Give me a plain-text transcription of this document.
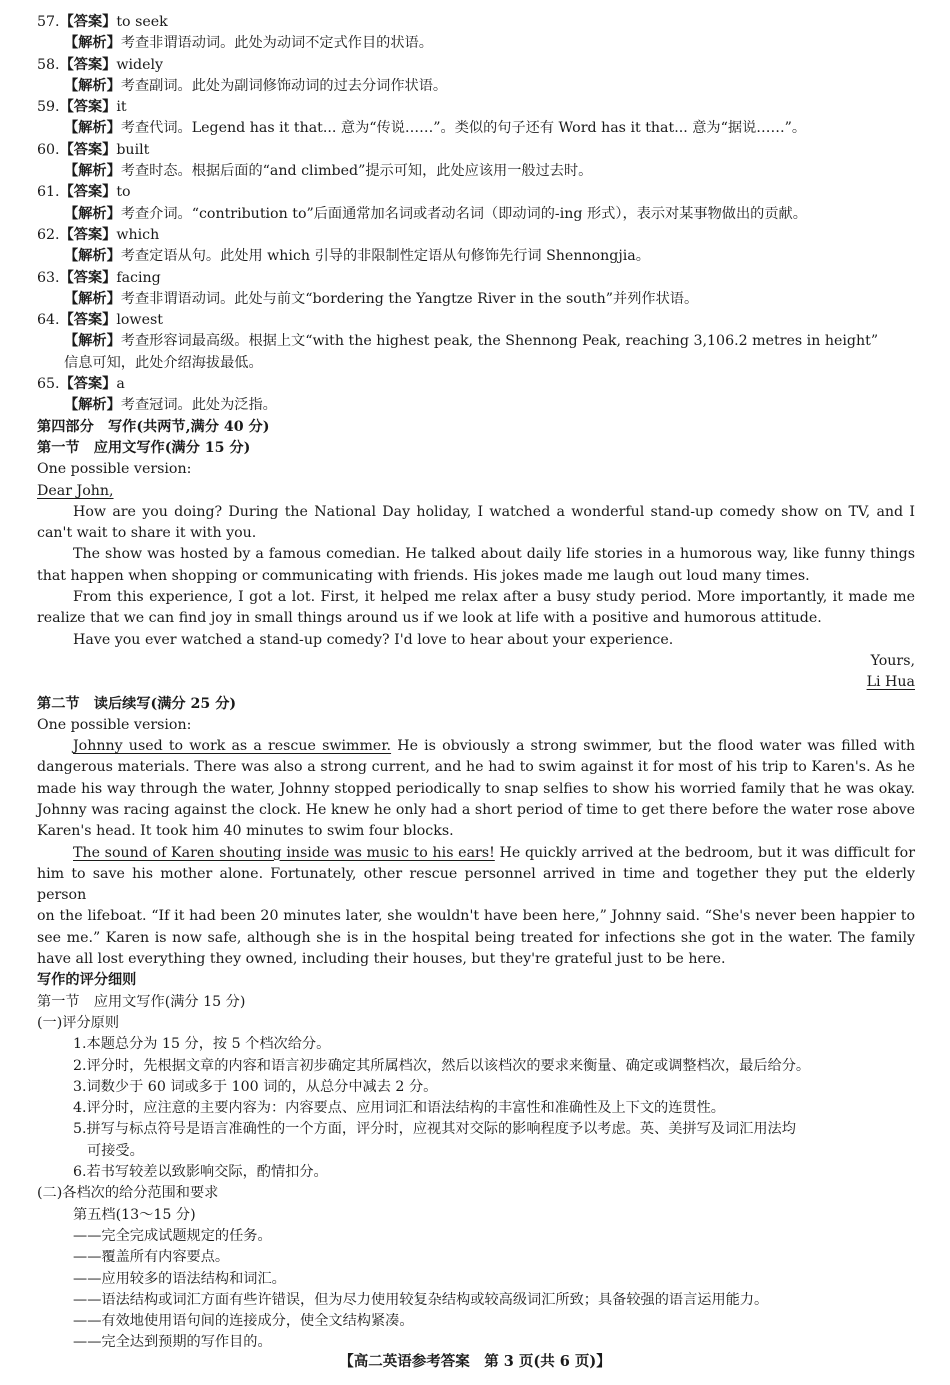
57.【答案】to seek
【解析】考查非谓语动词。此处为动词不定式作目的状语。
58.【答案】widely
【解析】考查副词。此处为副词修饰动词的过去分词作状语。
59.【答案】it
【解析】考查代词。Legend has it that... 意为“传说……”。类似的句子还有 Word has it that... 意为“据说……”。
60.【答案】built
【解析】考查时态。根据后面的“and climbed”提示可知，此处应该用一般过去时。
61.【答案】to
【解析】考查介词。“contribution to”后面通常加名词或者动名词（即动词的-ing 形式），表示对某事物做出的贡献。
62.【答案】which
【解析】考查定语从句。此处用 which 引导的非限制性定语从句修饰先行词 Shennongjia。
63.【答案】facing
【解析】考查非谓语动词。此处与前文“bordering the Yangtze River in the south”并列作状语。
64.【答案】lowest
【解析】考查形容词最高级。根据上文“with the highest peak, the Shennong Peak, reaching 3,106.2 metres in height”
信息可知，此处介绍海拔最低。
65.【答案】a
【解析】考查冠词。此处为泛指。
第四部分　写作(共两节,满分 40 分)
第一节　应用文写作(满分 15 分)
One possible version:
Dear John,
How are you doing? During the National Day holiday, I watched a wonderful stand-up comedy show on TV, and I
can't wait to share it with you.
The show was hosted by a famous comedian. He talked about daily life stories in a humorous way, like funny things
that happen when shopping or communicating with friends. His jokes made me laugh out loud many times.
From this experience, I got a lot. First, it helped me relax after a busy study period. More importantly, it made me
realize that we can find joy in small things around us if we look at life with a positive and humorous attitude.
Have you ever watched a stand-up comedy? I'd love to hear about your experience.
Yours,
Li Hua
第二节　读后续写(满分 25 分)
One possible version:
Johnny used to work as a rescue swimmer. He is obviously a strong swimmer, but the flood water was filled with
dangerous materials. There was also a strong current, and he had to swim against it for most of his trip to Karen's. As he
made his way through the water, Johnny stopped periodically to snap selfies to show his worried family that he was okay.
Johnny was racing against the clock. He knew he only had a short period of time to get there before the water rose above
Karen's head. It took him 40 minutes to swim four blocks.
The sound of Karen shouting inside was music to his ears! He quickly arrived at the bedroom, but it was difficult for
him to save his mother alone. Fortunately, other rescue personnel arrived in time and together they put the elderly person
on the lifeboat. “If it had been 20 minutes later, she wouldn't have been here,” Johnny said. “She's never been happier to
see me.” Karen is now safe, although she is in the hospital being treated for infections she got in the water. The family
have all lost everything they owned, including their houses, but they're grateful just to be here.
写作的评分细则
第一节　应用文写作(满分 15 分)
(一)评分原则
1.本题总分为 15 分，按 5 个档次给分。
2.评分时，先根据文章的内容和语言初步确定其所属档次，然后以该档次的要求来衡量、确定或调整档次，最后给分。
3.词数少于 60 词或多于 100 词的，从总分中减去 2 分。
4.评分时，应注意的主要内容为：内容要点、应用词汇和语法结构的丰富性和准确性及上下文的连贯性。
5.拼写与标点符号是语言准确性的一个方面，评分时，应视其对交际的影响程度予以考虑。英、美拼写及词汇用法均
可接受。
6.若书写较差以致影响交际，酌情扣分。
(二)各档次的给分范围和要求
第五档(13～15 分)
——完全完成试题规定的任务。
——覆盖所有内容要点。
——应用较多的语法结构和词汇。
——语法结构或词汇方面有些许错误，但为尽力使用较复杂结构或较高级词汇所致；具备较强的语言运用能力。
——有效地使用语句间的连接成分，使全文结构紧凑。
——完全达到预期的写作目的。
【高二英语参考答案　第 3 页(共 6 页)】
